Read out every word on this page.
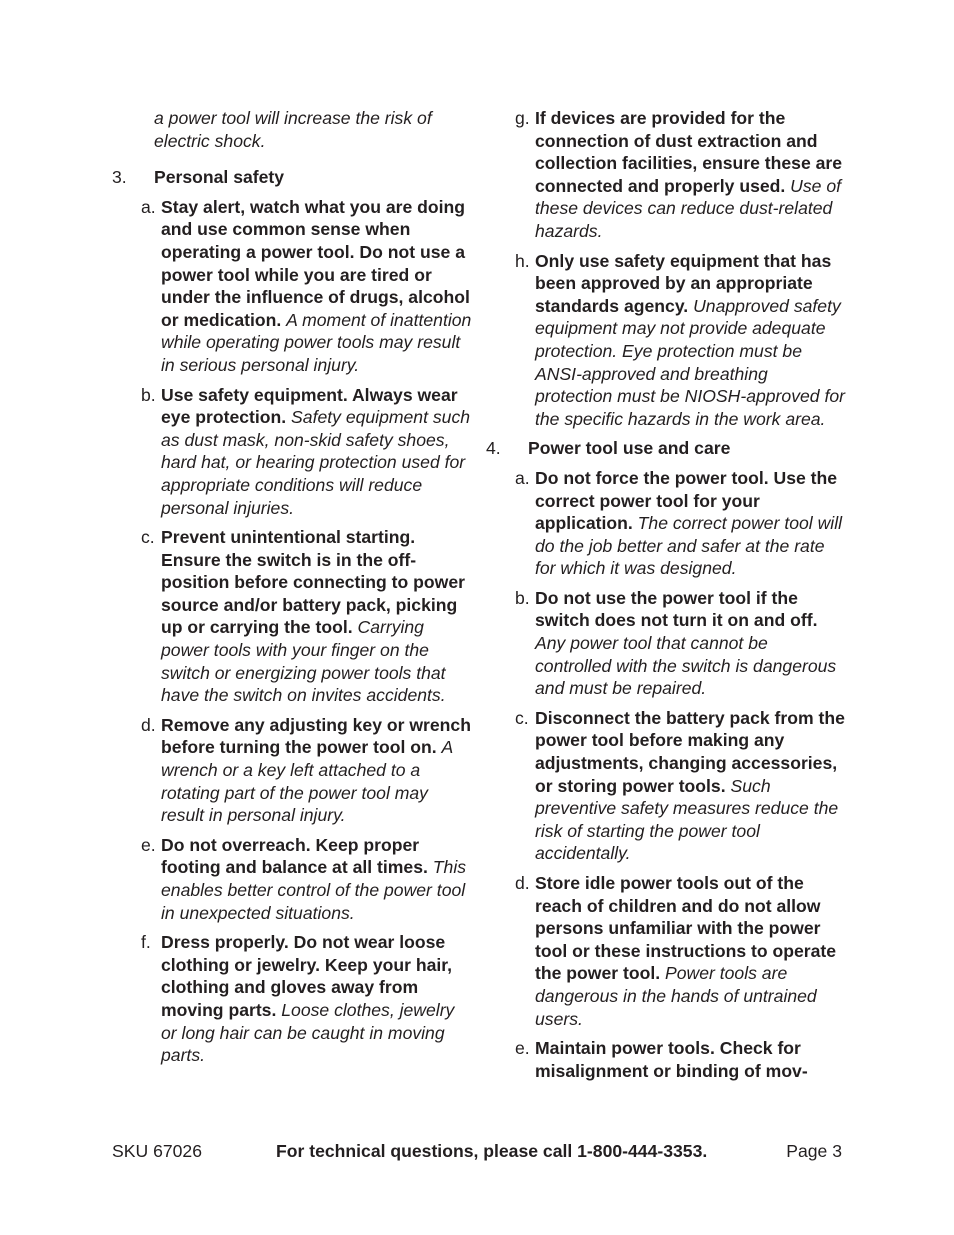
a power tool will increase the risk of electric shock.

3.	Personal safety
a. Stay alert, watch what you are doing and use common sense when operating a power tool. Do not use a power tool while you are tired or under the influence of drugs, alcohol or medication. A moment of inattention while operating power tools may result in serious personal injury.
b. Use safety equipment. Always wear eye protection. Safety equipment such as dust mask, non-skid safety shoes, hard hat, or hearing protection used for appropriate conditions will reduce personal injuries.
c. Prevent unintentional starting. Ensure the switch is in the off-position before connecting to power source and/or battery pack, picking up or carrying the tool. Carrying power tools with your finger on the switch or energizing power tools that have the switch on invites accidents.
d. Remove any adjusting key or wrench before turning the power tool on. A wrench or a key left attached to a rotating part of the power tool may result in personal injury.
e. Do not overreach. Keep proper footing and balance at all times. This enables better control of the power tool in unexpected situations.
f. Dress properly. Do not wear loose clothing or jewelry. Keep your hair, clothing and gloves away from moving parts. Loose clothes, jewelry or long hair can be caught in moving parts.
g. If devices are provided for the connection of dust extraction and collection facilities, ensure these are connected and properly used. Use of these devices can reduce dust-related hazards.
h. Only use safety equipment that has been approved by an appropriate standards agency. Unapproved safety equipment may not provide adequate protection. Eye protection must be ANSI-approved and breathing protection must be NIOSH-approved for the specific hazards in the work area.
4.	Power tool use and care
a. Do not force the power tool. Use the correct power tool for your application. The correct power tool will do the job better and safer at the rate for which it was designed.
b. Do not use the power tool if the switch does not turn it on and off. Any power tool that cannot be controlled with the switch is dangerous and must be repaired.
c. Disconnect the battery pack from the power tool before making any adjustments, changing accessories, or storing power tools. Such preventive safety measures reduce the risk of starting the power tool accidentally.
d. Store idle power tools out of the reach of children and do not allow persons unfamiliar with the power tool or these instructions to operate the power tool. Power tools are dangerous in the hands of untrained users.
e. Maintain power tools. Check for misalignment or binding of mov-
SKU 67026	For technical questions, please call 1-800-444-3353.	Page 3
